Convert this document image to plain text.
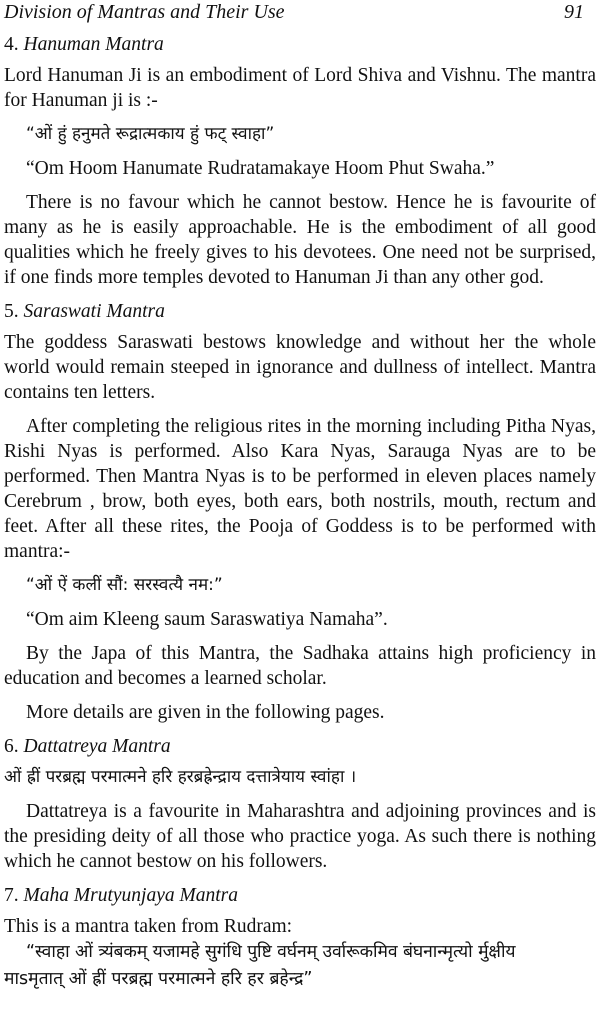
Division of Mantras and Their Use	91
4. Hanuman Mantra

Lord Hanuman Ji is an embodiment of Lord Shiva and Vishnu. The mantra for Hanuman ji is :-

“ओं हुं हनुमते रूद्रात्मकाय हुं फट् स्वाहा”

“Om Hoom Hanumate Rudratamakaye Hoom Phut Swaha.”

There is no favour which he cannot bestow. Hence he is favourite of many as he is easily approachable. He is the embodiment of all good qualities which he freely gives to his devotees. One need not be surprised, if one finds more temples devoted to Hanuman Ji than any other god.

5. Saraswati Mantra

The goddess Saraswati bestows knowledge and without her the whole world would remain steeped in ignorance and dullness of intellect. Mantra contains ten letters.

After completing the religious rites in the morning including Pitha Nyas, Rishi Nyas is performed. Also Kara Nyas, Sarauga Nyas are to be performed. Then Mantra Nyas is to be performed in eleven places namely Cerebrum , brow, both eyes, both ears, both nostrils, mouth, rectum and feet. After all these rites, the Pooja of Goddess is to be performed with mantra:-

“ओं ऐं कलीं सौं: सरस्वत्यै नम:”

“Om aim Kleeng saum Saraswatiya Namaha”.

By the Japa of this Mantra, the Sadhaka attains high proficiency in education and becomes a learned scholar.

More details are given in the following pages.

6. Dattatreya Mantra

ओं ह्रीं परब्रह्म परमात्मने हरि हरब्रह्रेन्द्राय दत्तात्रेयाय स्वांहा ।

Dattatreya is a favourite in Maharashtra and adjoining provinces and is the presiding deity of all those who practice yoga. As such there is nothing which he cannot bestow on his followers.

7. Maha Mrutyunjaya Mantra

This is a mantra taken from Rudram:

“स्वाहा ओं त्र्यंबकम् यजामहे सुगंधि पुष्टि वर्घनम् उर्वारूकमिव बंघनान्मृत्यो र्मुक्षीय

माsमृतात् ओं ह्रीं परब्रह्म परमात्मने हरि हर ब्रहेन्द्र”
